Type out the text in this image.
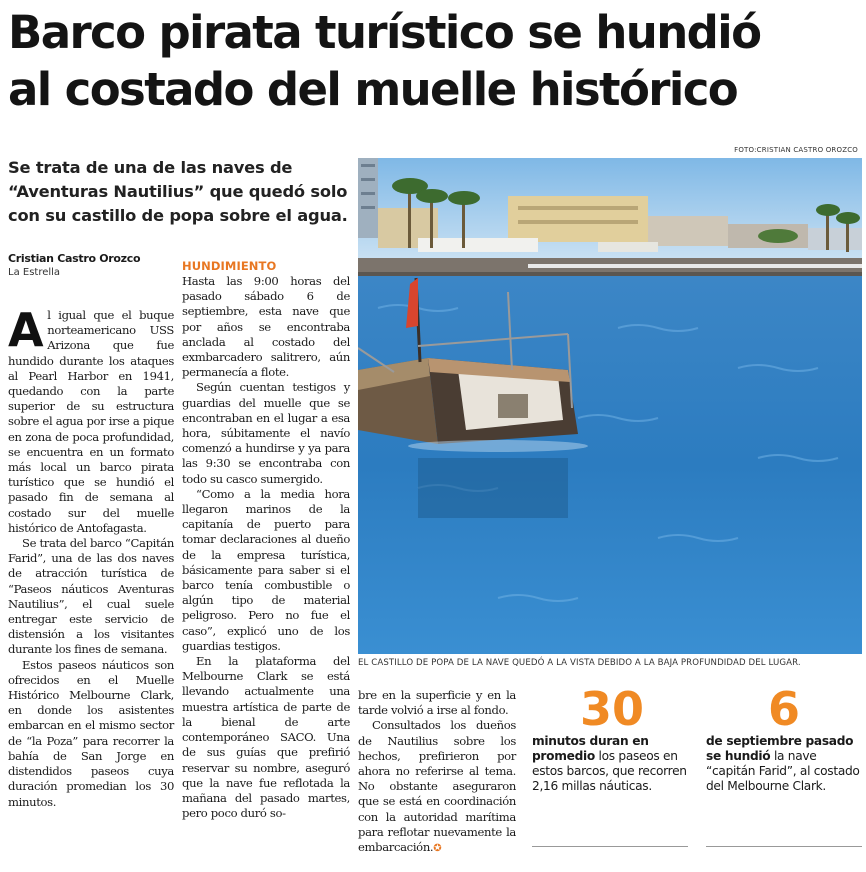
Barco pirata turístico se hundió
al costado del muelle histórico

Se trata de una de las naves de “Aventuras Nautilius” que quedó solo con su castillo de popa sobre el agua.

Cristian Castro Orozco
La Estrella
A l igual que el buque norteamericano USS Arizona que fue hundido durante los ataques al Pearl Harbor en 1941, quedando con la parte superior de su estructura sobre el agua por irse a pique en zona de poca profundidad, se encuentra en un formato más local un barco pirata turístico que se hundió el pasado fin de semana al costado sur del muelle histórico de Antofagasta.

Se trata del barco “Capitán Farid”, una de las dos naves de atracción turística de “Paseos náuticos Aventuras Nautilius”, el cual suele entregar este servicio de distensión a los visitantes durante los fines de semana.

Estos paseos náuticos son ofrecidos en el Muelle Histórico Melbourne Clark, en donde los asistentes embarcan en el mismo sector de “la Poza” para recorrer la bahía de San Jorge en distendidos paseos cuya duración promedian los 30 minutos.

HUNDIMIENTO

Hasta las 9:00 horas del pasado sábado 6 de septiembre, esta nave que por años se encontraba anclada al costado del exmbarcadero salitrero, aún permanecía a flote.

Según cuentan testigos y guardias del muelle que se encontraban en el lugar a esa hora, súbitamente el navío comenzó a hundirse y ya para las 9:30 se encontraba con todo su casco sumergido.

“Como a la media hora llegaron marinos de la capitanía de puerto para tomar declaraciones al dueño de la empresa turística, básicamente para saber si el barco tenía combustible o algún tipo de material peligroso. Pero no fue el caso”, explicó uno de los guardias testigos.

En la plataforma del Melbourne Clark se está llevando actualmente una muestra artística de parte de la bienal de arte contemporáneo SACO. Una de sus guías que prefirió reservar su nombre, aseguró que la nave fue reflotada la mañana del pasado martes, pero poco duró so-

bre en la superficie y en la tarde volvió a irse al fondo.

Consultados los dueños de Nautilius sobre los hechos, prefirieron por ahora no referirse al tema. No obstante aseguraron que se está en coordinación con la autoridad marítima para reflotar nuevamente la embarcación.✪

FOTO:CRISTIAN CASTRO OROZCO
EL CASTILLO DE POPA DE LA NAVE QUEDÓ A LA VISTA DEBIDO A LA BAJA PROFUNDIDAD DEL LUGAR.
30
minutos duran en promedio los paseos en estos barcos, que recorren 2,16 millas náuticas.
6
de septiembre pasado se hundió la nave “capitán Farid”, al costado del Melbourne Clark.
